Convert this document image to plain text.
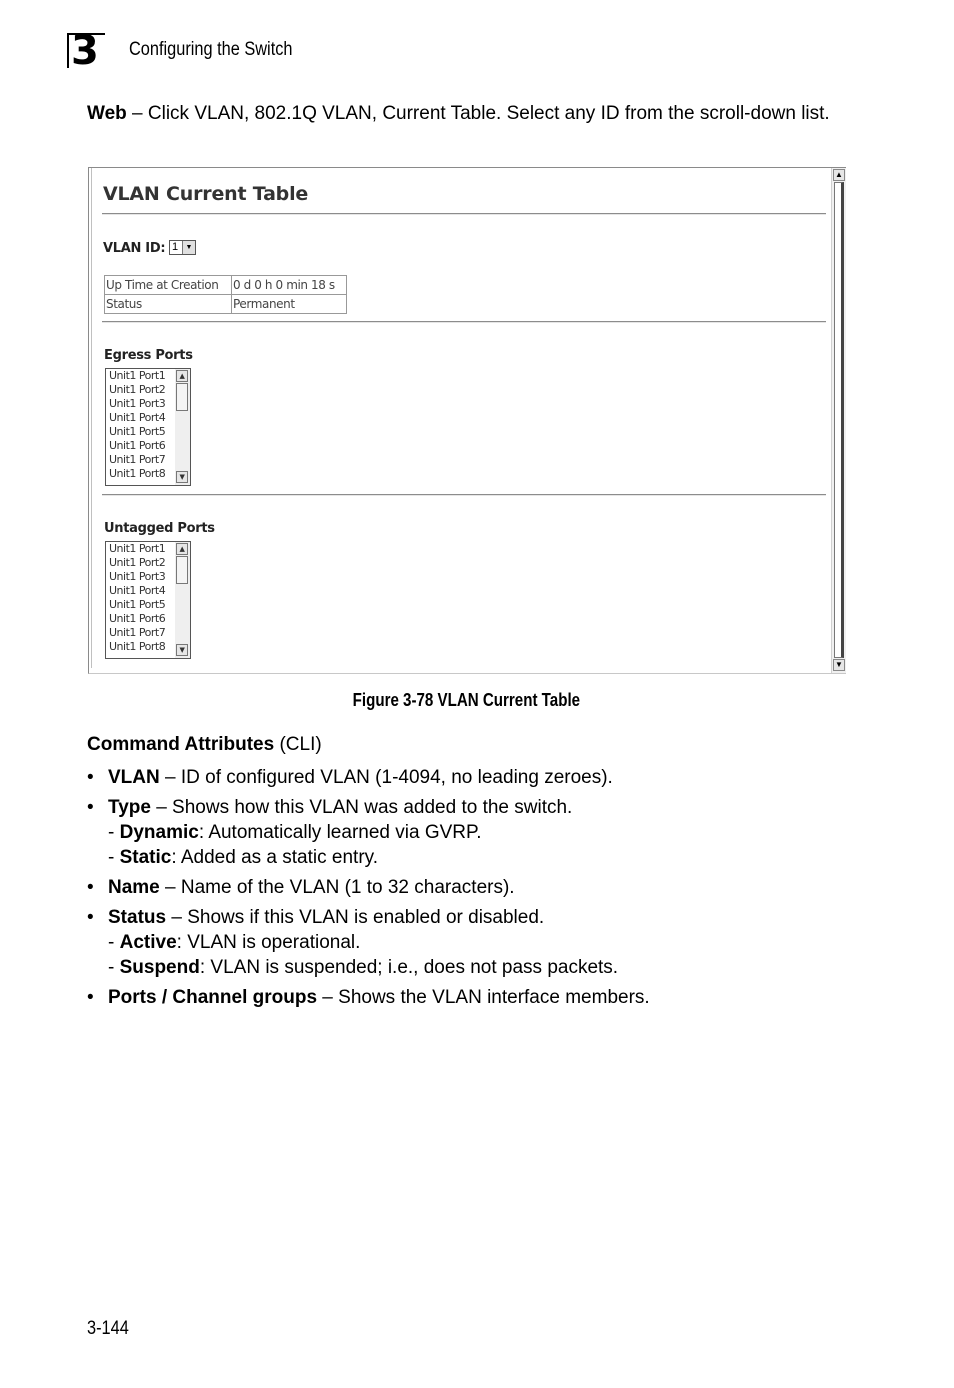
3 Configuring the Switch
Web – Click VLAN, 802.1Q VLAN, Current Table. Select any ID from the scroll-down list.
VLAN Current Table
VLAN ID: 1	▼
Up Time at Creation	0 d 0 h 0 min 18 s
Status	Permanent
Egress Ports
Unit1 Port1
Unit1 Port2
Unit1 Port3
Unit1 Port4
Unit1 Port5
Unit1 Port6
Unit1 Port7
Unit1 Port8
▲
▼
Untagged Ports
Unit1 Port1
Unit1 Port2
Unit1 Port3
Unit1 Port4
Unit1 Port5
Unit1 Port6
Unit1 Port7
Unit1 Port8
▲
▼
▲
▼
Figure 3-78 VLAN Current Table
Command Attributes (CLI)
• VLAN – ID of configured VLAN (1-4094, no leading zeroes).
• Type – Shows how this VLAN was added to the switch.
- Dynamic: Automatically learned via GVRP.
- Static: Added as a static entry.
• Name – Name of the VLAN (1 to 32 characters).
• Status – Shows if this VLAN is enabled or disabled.
- Active: VLAN is operational.
- Suspend: VLAN is suspended; i.e., does not pass packets.
• Ports / Channel groups – Shows the VLAN interface members.
3-144
